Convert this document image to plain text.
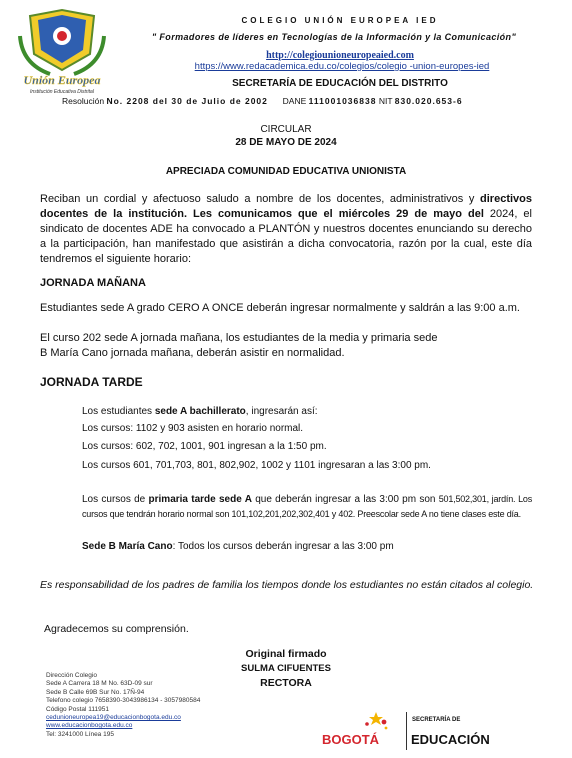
Unión Europea
Institución Educativa Distrital
COLEGIO UNIÓN EUROPEA IED
" Formadores de líderes en Tecnologías de la Información y la Comunicación"
http://colegiounioneuropeaied.com
https://www.redacademica.edu.co/colegios/colegio -union-europes-ied
SECRETARÍA DE EDUCACIÓN DEL DISTRITO
Resolución No. 2208 del 30 de Julio de 2002 DANE 111001036838 NIT 830.020.653-6
CIRCULAR
28 DE MAYO DE 2024
APRECIADA COMUNIDAD EDUCATIVA UNIONISTA
Reciban un cordial y afectuoso saludo a nombre de los docentes, administrativos y directivos docentes de la institución. Les comunicamos que el miércoles 29 de mayo del 2024, el sindicato de docentes ADE ha convocado a PLANTÓN y nuestros docentes enunciando su derecho a la participación, han manifestado que asistirán a dicha convocatoria, razón por la cual, este día tendremos el siguiente horario:
JORNADA MAÑANA
Estudiantes sede A grado CERO A ONCE deberán ingresar normalmente y saldrán a las 9:00 a.m.
El curso 202 sede A jornada mañana, los estudiantes de la media y primaria sede
B María Cano jornada mañana, deberán asistir en normalidad.
JORNADA TARDE
Los estudiantes sede A bachillerato, ingresarán así:
Los cursos: 1102 y 903 asisten en horario normal.
Los cursos: 602, 702, 1001, 901 ingresan a la 1:50 pm.
Los cursos 601, 701,703, 801, 802,902, 1002 y 1101 ingresaran a las 3:00 pm.
Los cursos de primaria tarde sede A que deberán ingresar a las 3:00 pm son 501,502,301, jardín. Los cursos que tendrán horario normal son 101,102,201,202,302,401 y 402. Preescolar sede A no tiene clases este día.
Sede B María Cano: Todos los cursos deberán ingresar a las 3:00 pm
Es responsabilidad de los padres de familia los tiempos donde los estudiantes no están citados al colegio.
Agradecemos su comprensión.
Original firmado
SULMA CIFUENTES
RECTORA
Dirección Colegio
Sede A Carrera 18 M No. 63D-09 sur
Sede B Calle 69B Sur No. 17Ñ-94
Telefono colegio 7658390-3043986134 - 3057980584
Código Postal 111951
cedunioneuropea19@educacionbogota.edu.co
www.educacionbogota.edu.co
Tel: 3241000 Línea 195	BOGOTÁ
SECRETARÍA DE
EDUCACIÓN
